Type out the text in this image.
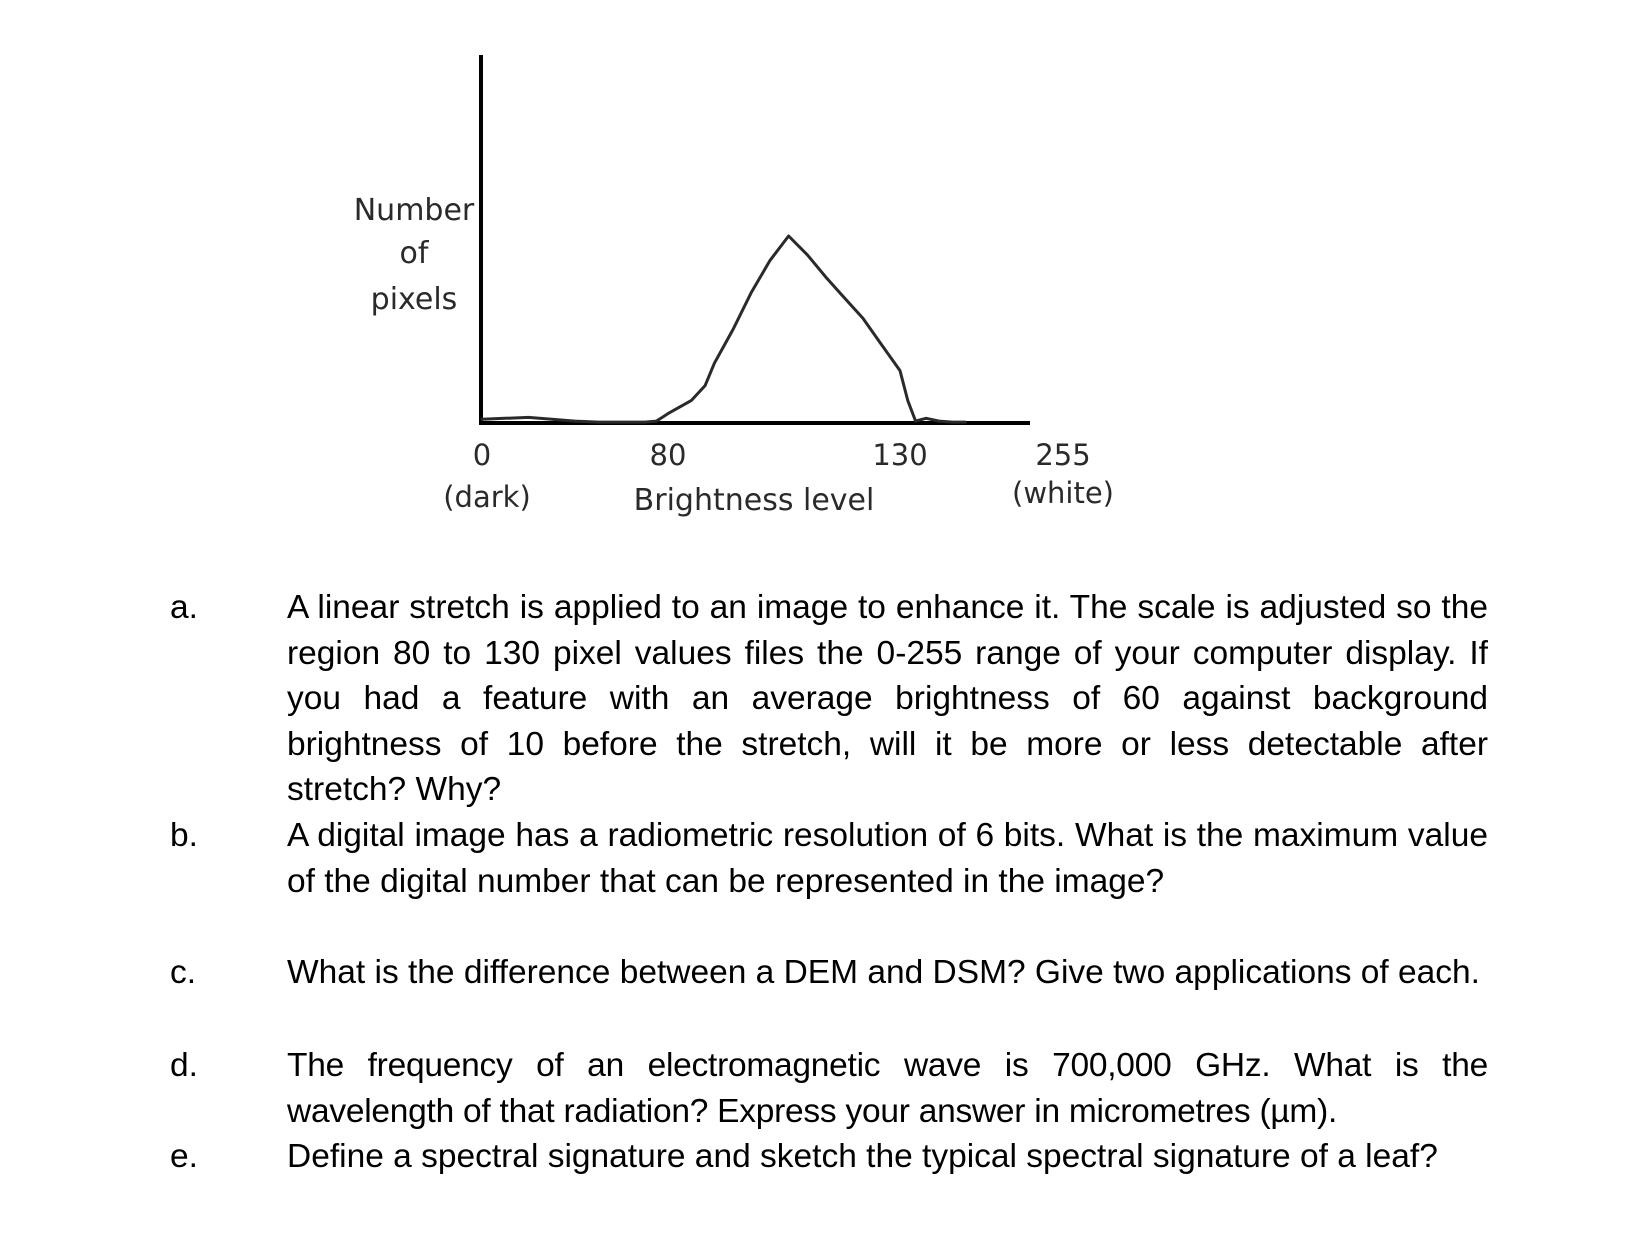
Number
of
pixels
0
(dark)
80	130	255
(white)
Brightness level
a.	A linear stretch is applied to an image to enhance it. The scale is adjusted so the region 80 to 130 pixel values files the 0-255 range of your computer display. If you had a feature with an average brightness of 60 against background brightness of 10 before the stretch, will it be more or less detectable after stretch? Why?
b.	A digital image has a radiometric resolution of 6 bits. What is the maximum value of the digital number that can be represented in the image?
c.	What is the difference between a DEM and DSM? Give two applications of each.
d.	The frequency of an electromagnetic wave is 700,000 GHz. What is the wavelength of that radiation? Express your answer in micrometres (µm).
e.	Define a spectral signature and sketch the typical spectral signature of a leaf?
